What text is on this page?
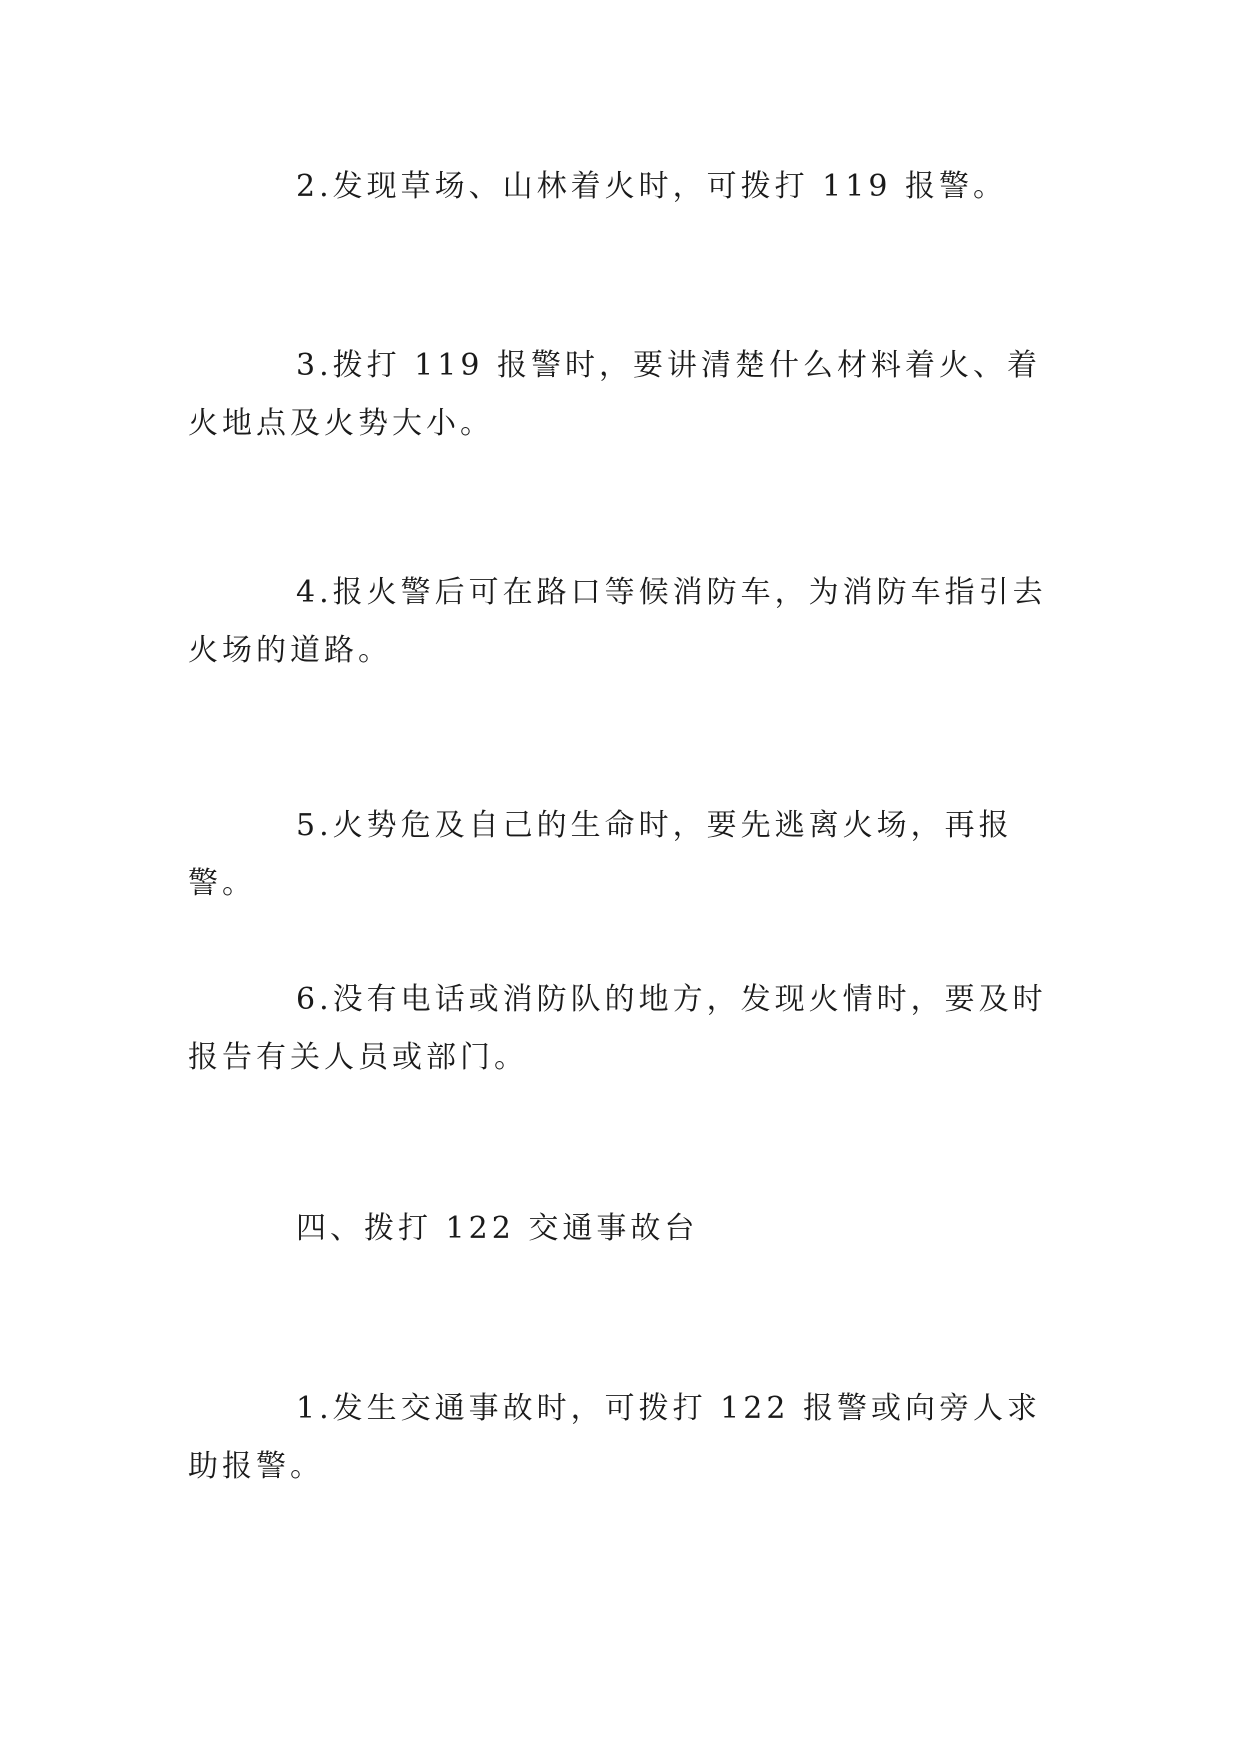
2.发现草场、山林着火时，可拨打 119 报警。

3.拨打 119 报警时，要讲清楚什么材料着火、着火地点及火势大小。

4.报火警后可在路口等候消防车，为消防车指引去火场的道路。

5.火势危及自己的生命时，要先逃离火场，再报警。

6.没有电话或消防队的地方，发现火情时，要及时报告有关人员或部门。

四、拨打 122 交通事故台

1.发生交通事故时，可拨打 122 报警或向旁人求助报警。
